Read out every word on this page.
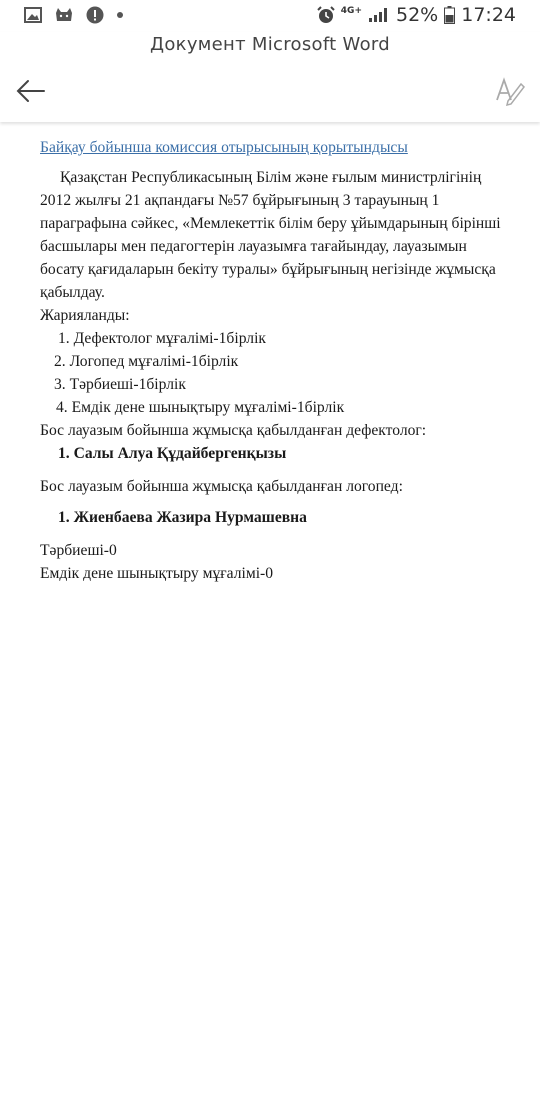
4G+ 52% 17:24
Документ Microsoft Word

Байқау бойынша комиссия отырысының қорытындысы

Қазақстан Республикасының Білім және ғылым министрлігінің 2012 жылғы 21 ақпандағы №57 бұйрығының 3 тарауының 1 параграфына сәйкес, «Мемлекеттік білім беру ұйымдарының бірінші басшылары мен педагогтерін лауазымға тағайындау, лауазымын босату қағидаларын бекіту туралы» бұйрығының негізінде жұмысқа қабылдау.

Жарияланды:

1. Дефектолог мұғалімі-1бірлік
2. Логопед мұғалімі-1бірлік
3. Тәрбиеші-1бірлік
4. Емдік дене шынықтыру мұғалімі-1бірлік

Бос лауазым бойынша жұмысқа қабылданған дефектолог:

1. Салы Алуа Құдайбергенқызы

Бос лауазым бойынша жұмысқа қабылданған логопед:

1. Жиенбаева Жазира Нурмашевна

Тәрбиеші-0

Емдік дене шынықтыру мұғалімі-0
